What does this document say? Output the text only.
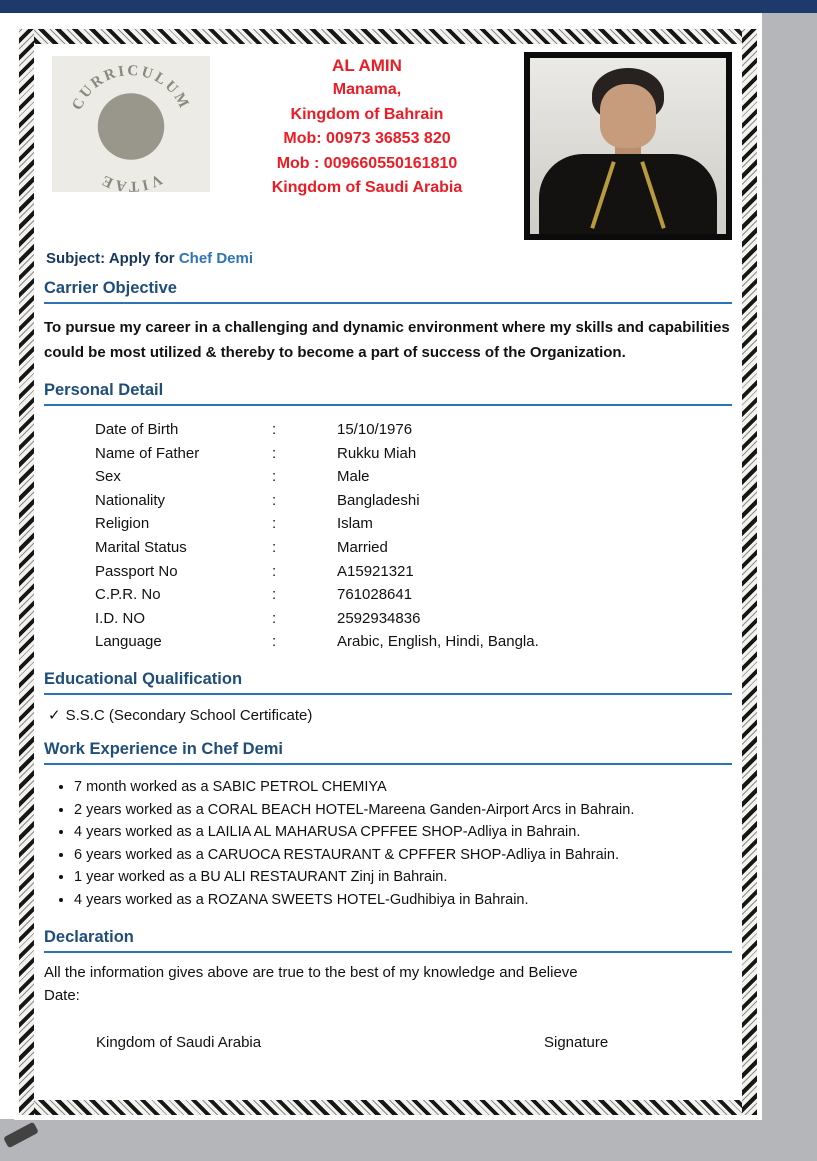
CURRICULUM
VITAE
AL AMIN
Manama,
Kingdom of Bahrain
Mob: 00973 36853 820
Mob : 009660550161810
Kingdom of Saudi Arabia
Subject: Apply for Chef Demi
Carrier Objective
To pursue my career in a challenging and dynamic environment where my skills and capabilities could be most utilized & thereby to become a part of success of the Organization.
Personal Detail
Date of Birth	:	15/10/1976
Name of Father	:	Rukku Miah
Sex	:	Male
Nationality	:	Bangladeshi
Religion	:	Islam
Marital Status	:	Married
Passport No	:	A15921321
C.P.R. No	:	761028641
I.D. NO	:	2592934836
Language	:	Arabic, English, Hindi, Bangla.
Educational Qualification
✓ S.S.C (Secondary School Certificate)
Work Experience in Chef Demi
• 7 month worked as a SABIC PETROL CHEMIYA
• 2 years worked as a CORAL BEACH HOTEL-Mareena Ganden-Airport Arcs in Bahrain.
• 4 years worked as a LAILIA AL MAHARUSA CPFFEE SHOP-Adliya in Bahrain.
• 6 years worked as a CARUOCA RESTAURANT & CPFFER SHOP-Adliya in Bahrain.
• 1 year worked as a BU ALI RESTAURANT Zinj in Bahrain.
• 4 years worked as a ROZANA SWEETS HOTEL-Gudhibiya in Bahrain.
Declaration
All the information gives above are true to the best of my knowledge and Believe
Date:
Kingdom of Saudi Arabia	Signature
